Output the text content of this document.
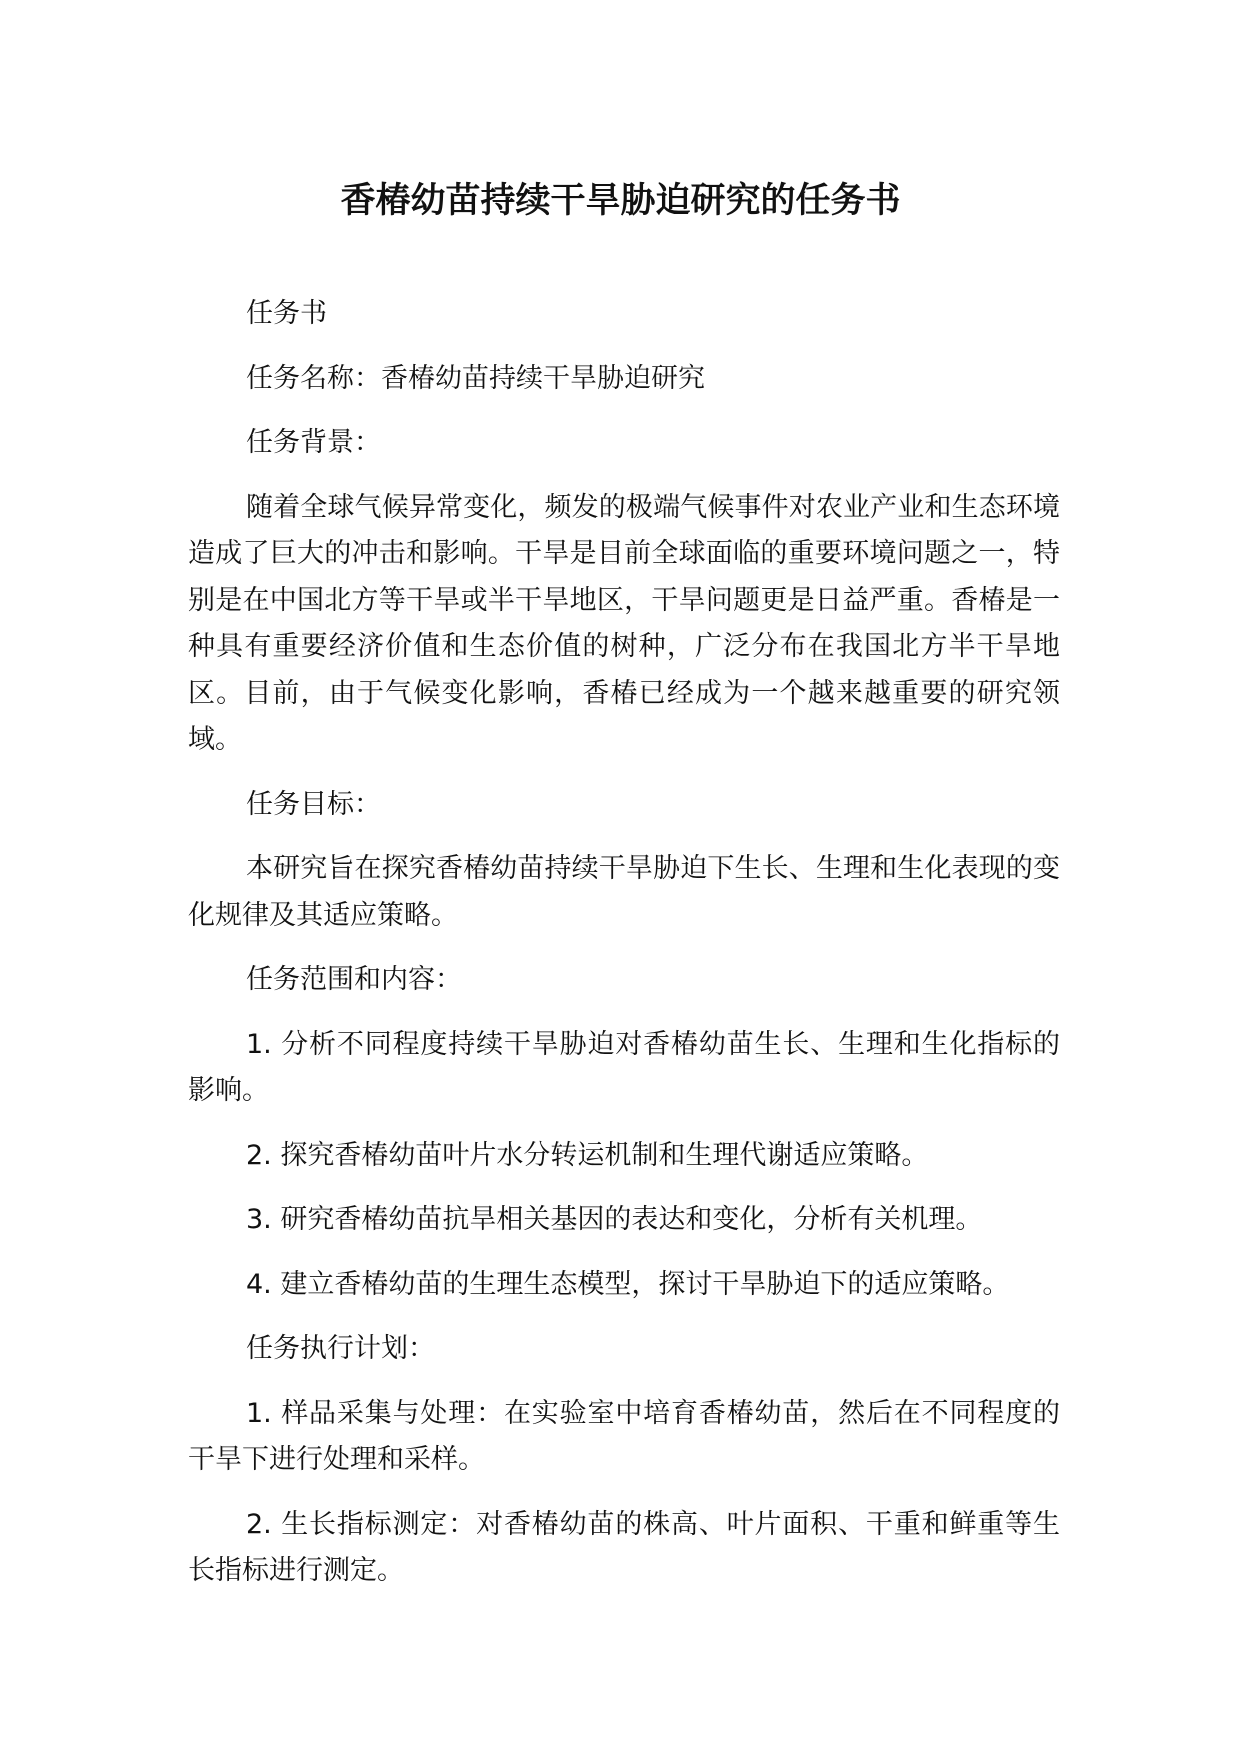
香椿幼苗持续干旱胁迫研究的任务书

任务书

任务名称：香椿幼苗持续干旱胁迫研究

任务背景：

随着全球气候异常变化，频发的极端气候事件对农业产业和生态环境造成了巨大的冲击和影响。干旱是目前全球面临的重要环境问题之一，特别是在中国北方等干旱或半干旱地区，干旱问题更是日益严重。香椿是一种具有重要经济价值和生态价值的树种，广泛分布在我国北方半干旱地区。目前，由于气候变化影响，香椿已经成为一个越来越重要的研究领域。

任务目标：

本研究旨在探究香椿幼苗持续干旱胁迫下生长、生理和生化表现的变化规律及其适应策略。

任务范围和内容：

1. 分析不同程度持续干旱胁迫对香椿幼苗生长、生理和生化指标的影响。

2. 探究香椿幼苗叶片水分转运机制和生理代谢适应策略。

3. 研究香椿幼苗抗旱相关基因的表达和变化，分析有关机理。

4. 建立香椿幼苗的生理生态模型，探讨干旱胁迫下的适应策略。

任务执行计划：

1. 样品采集与处理：在实验室中培育香椿幼苗，然后在不同程度的干旱下进行处理和采样。

2. 生长指标测定：对香椿幼苗的株高、叶片面积、干重和鲜重等生长指标进行测定。
